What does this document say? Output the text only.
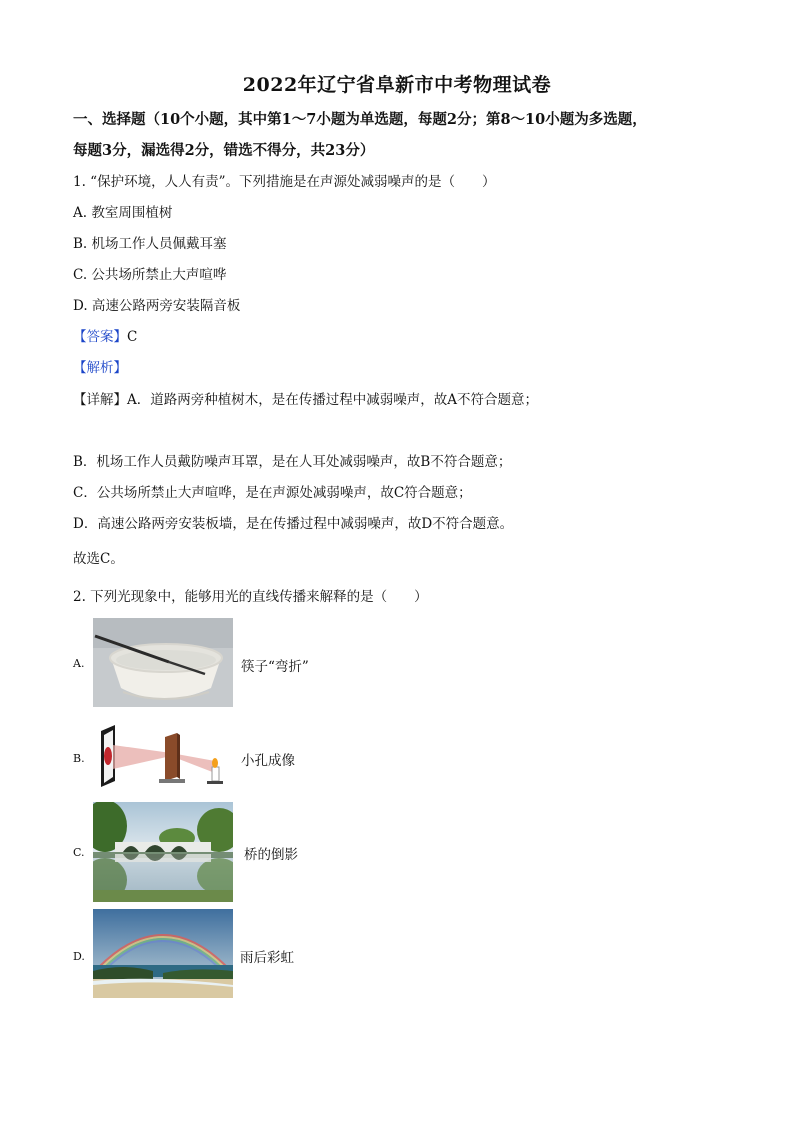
2022年辽宁省阜新市中考物理试卷
一、选择题（10个小题，其中第1～7小题为单选题，每题2分；第8～10小题为多选题，
每题3分，漏选得2分，错选不得分，共23分）
1. “保护环境，人人有责”。下列措施是在声源处减弱噪声的是（　　）
A. 教室周围植树
B. 机场工作人员佩戴耳塞
C. 公共场所禁止大声喧哗
D. 高速公路两旁安装隔音板
【答案】C
【解析】
【详解】A．道路两旁种植树木，是在传播过程中减弱噪声，故A不符合题意；
B．机场工作人员戴防噪声耳罩，是在人耳处减弱噪声，故B不符合题意；
C．公共场所禁止大声喧哗，是在声源处减弱噪声，故C符合题意；
D．高速公路两旁安装板墙，是在传播过程中减弱噪声，故D不符合题意。
故选C。
2. 下列光现象中，能够用光的直线传播来解释的是（　　）
A.	筷子“弯折”
B.	小孔成像
C.	桥的倒影
D.	雨后彩虹
